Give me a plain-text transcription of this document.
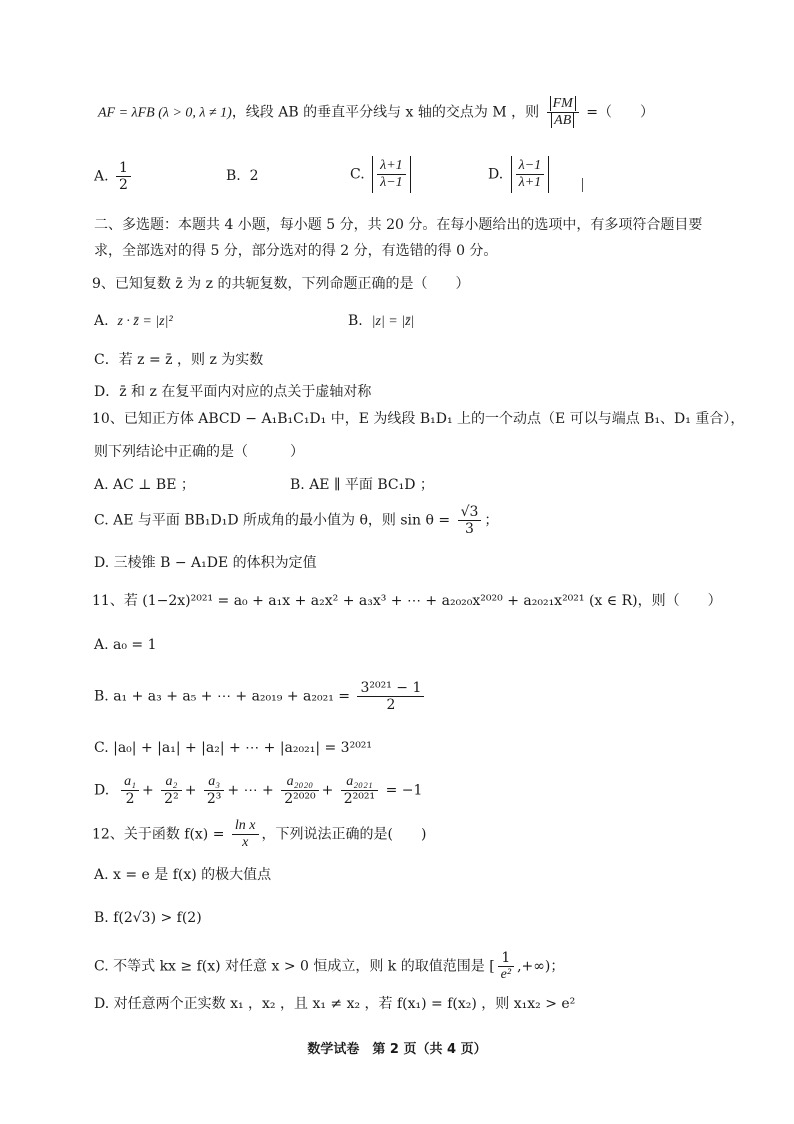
AF = λFB (λ > 0, λ ≠ 1)，线段 AB 的垂直平分线与 x 轴的交点为 M ，则 $\frac{FM}{AB}$ =（　　）
A. $\frac{1}{2}$	B. 2	C. $\frac{\lambda+1}{\lambda-1}$	D. $\frac{\lambda-1}{\lambda+1}$
二、多选题：本题共 4 小题，每小题 5 分，共 20 分。在每小题给出的选项中，有多项符合题目要
求，全部选对的得 5 分，部分选对的得 2 分，有选错的得 0 分。
9、已知复数 z̄ 为 z 的共轭复数，下列命题正确的是（　　）
A. z · z̄ = |z|²	B. |z| = |z̄|
C．若 z = z̄ ，则 z 为实数
D．z̄ 和 z 在复平面内对应的点关于虚轴对称
10、已知正方体 ABCD − A₁B₁C₁D₁ 中，E 为线段 B₁D₁ 上的一个动点（E 可以与端点 B₁、D₁ 重合），
则下列结论中正确的是（　　　）
A. AC ⊥ BE ；	B. AE ∥ 平面 BC₁D ；
C. AE 与平面 BB₁D₁D 所成角的最小值为 θ，则 $\sin \theta = \frac{√3}{3}$ ；
D. 三棱锥 B − A₁DE 的体积为定值
11、若 (1−2x)²⁰²¹ = a₀ + a₁x + a₂x² + a₃x³ + ⋯ + a₂₀₂₀x²⁰²⁰ + a₂₀₂₁x²⁰²¹ (x ∈ R)，则（　　）
A. a₀ = 1
B. a₁ + a₃ + a₅ + ⋯ + $a_{2019} + a_{2021} = \frac{\text{3²⁰²¹ − 1}}{2}$
C. |a₀| + |a₁| + |a₂| + ⋯ + |a₂₀₂₁| = 3²⁰²¹
D. $\frac{\text{a₁}}{2} + \frac{\text{a₂}}{\text{2²}} + \frac{\text{a₃}}{\text{2³}}$ + ⋯ + $\frac{\text{a₂₀₂₀}}{\text{2²⁰²⁰}} + \frac{\text{a₂₀₂₁}}{\text{2²⁰²¹}} = -1$
12、关于函数 $f(x) = \frac{\text{ln x}}{x}$ ，下列说法正确的是(　　)
A. x = e 是 f(x) 的极大值点
B. f(2√3) > f(2)
C. 不等式 kx ≥ f(x) 对任意 x > 0 恒成立，则 k 的取值范围是 [ $\frac{1}{\text{e²}}$ ,+∞)；
D. 对任意两个正实数 x₁ ，x₂ ，且 x₁ ≠ x₂ ，若 f(x₁) = f(x₂) ，则 x₁x₂ > e²
数学试卷　第 2 页（共 4 页）
